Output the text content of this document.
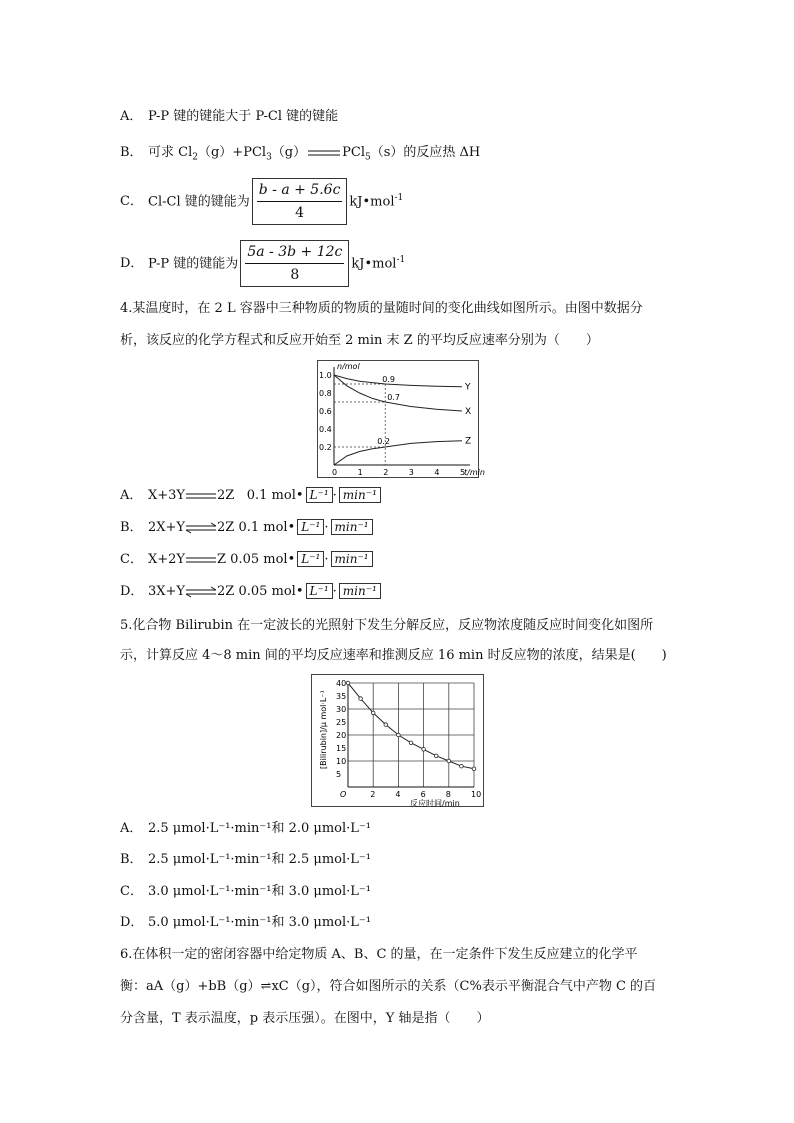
A． P-P 键的键能大于 P-Cl 键的键能
B． 可求 $Cl_2(g)+PCl_3(g)$	PCl$_5$（s）的反应热 ΔH
C． Cl-Cl 键的键能为 $\frac{b - a + 5.6c}{4}$ kJ•mol$^{-1}$
D． P-P 键的键能为 $\frac{5a - 3b + 12c}{8}$ kJ•mol$^{-1}$
4.某温度时，在 2 L 容器中三种物质的物质的量随时间的变化曲线如图所示。由图中数据分
析，该反应的化学方程式和反应开始至 2 min 末 Z 的平均反应速率分别为（　　）
n/mol
t/min
0	1	2	3	4	5
0.2
0.4
0.6
0.8
1.0
Y
X
Z
0.9
0.7
0.2
A． X+3Y 2Z 0.1 mol• L⁻¹ · min⁻¹
B． 2X+Y⇌2Z 0.1 mol• L⁻¹ · min⁻¹
C． X+2Y Z 0.05 mol• L⁻¹ · min⁻¹
D． 3X+Y⇌2Z 0.05 mol• L⁻¹ · min⁻¹
5.化合物 Bilirubin 在一定波长的光照射下发生分解反应，反应物浓度随反应时间变化如图所
示，计算反应 4～8 min 间的平均反应速率和推测反应 16 min 时反应物的浓度，结果是(　　)
5
10
15
20
25
30
35
40
2	4	6	8	10
O
反应时间/min
[Bilirubin]/μ mol·L⁻¹
A． 2.5 μmol·L⁻¹·min⁻¹和 2.0 μmol·L⁻¹
B． 2.5 μmol·L⁻¹·min⁻¹和 2.5 μmol·L⁻¹
C． 3.0 μmol·L⁻¹·min⁻¹和 3.0 μmol·L⁻¹
D． 5.0 μmol·L⁻¹·min⁻¹和 3.0 μmol·L⁻¹
6.在体积一定的密闭容器中给定物质 A、B、C 的量，在一定条件下发生反应建立的化学平
衡：aA（g）+bB（g）⇌xC（g），符合如图所示的关系（C%表示平衡混合气中产物 C 的百
分含量，T 表示温度，p 表示压强）。在图中，Y 轴是指（　　）
